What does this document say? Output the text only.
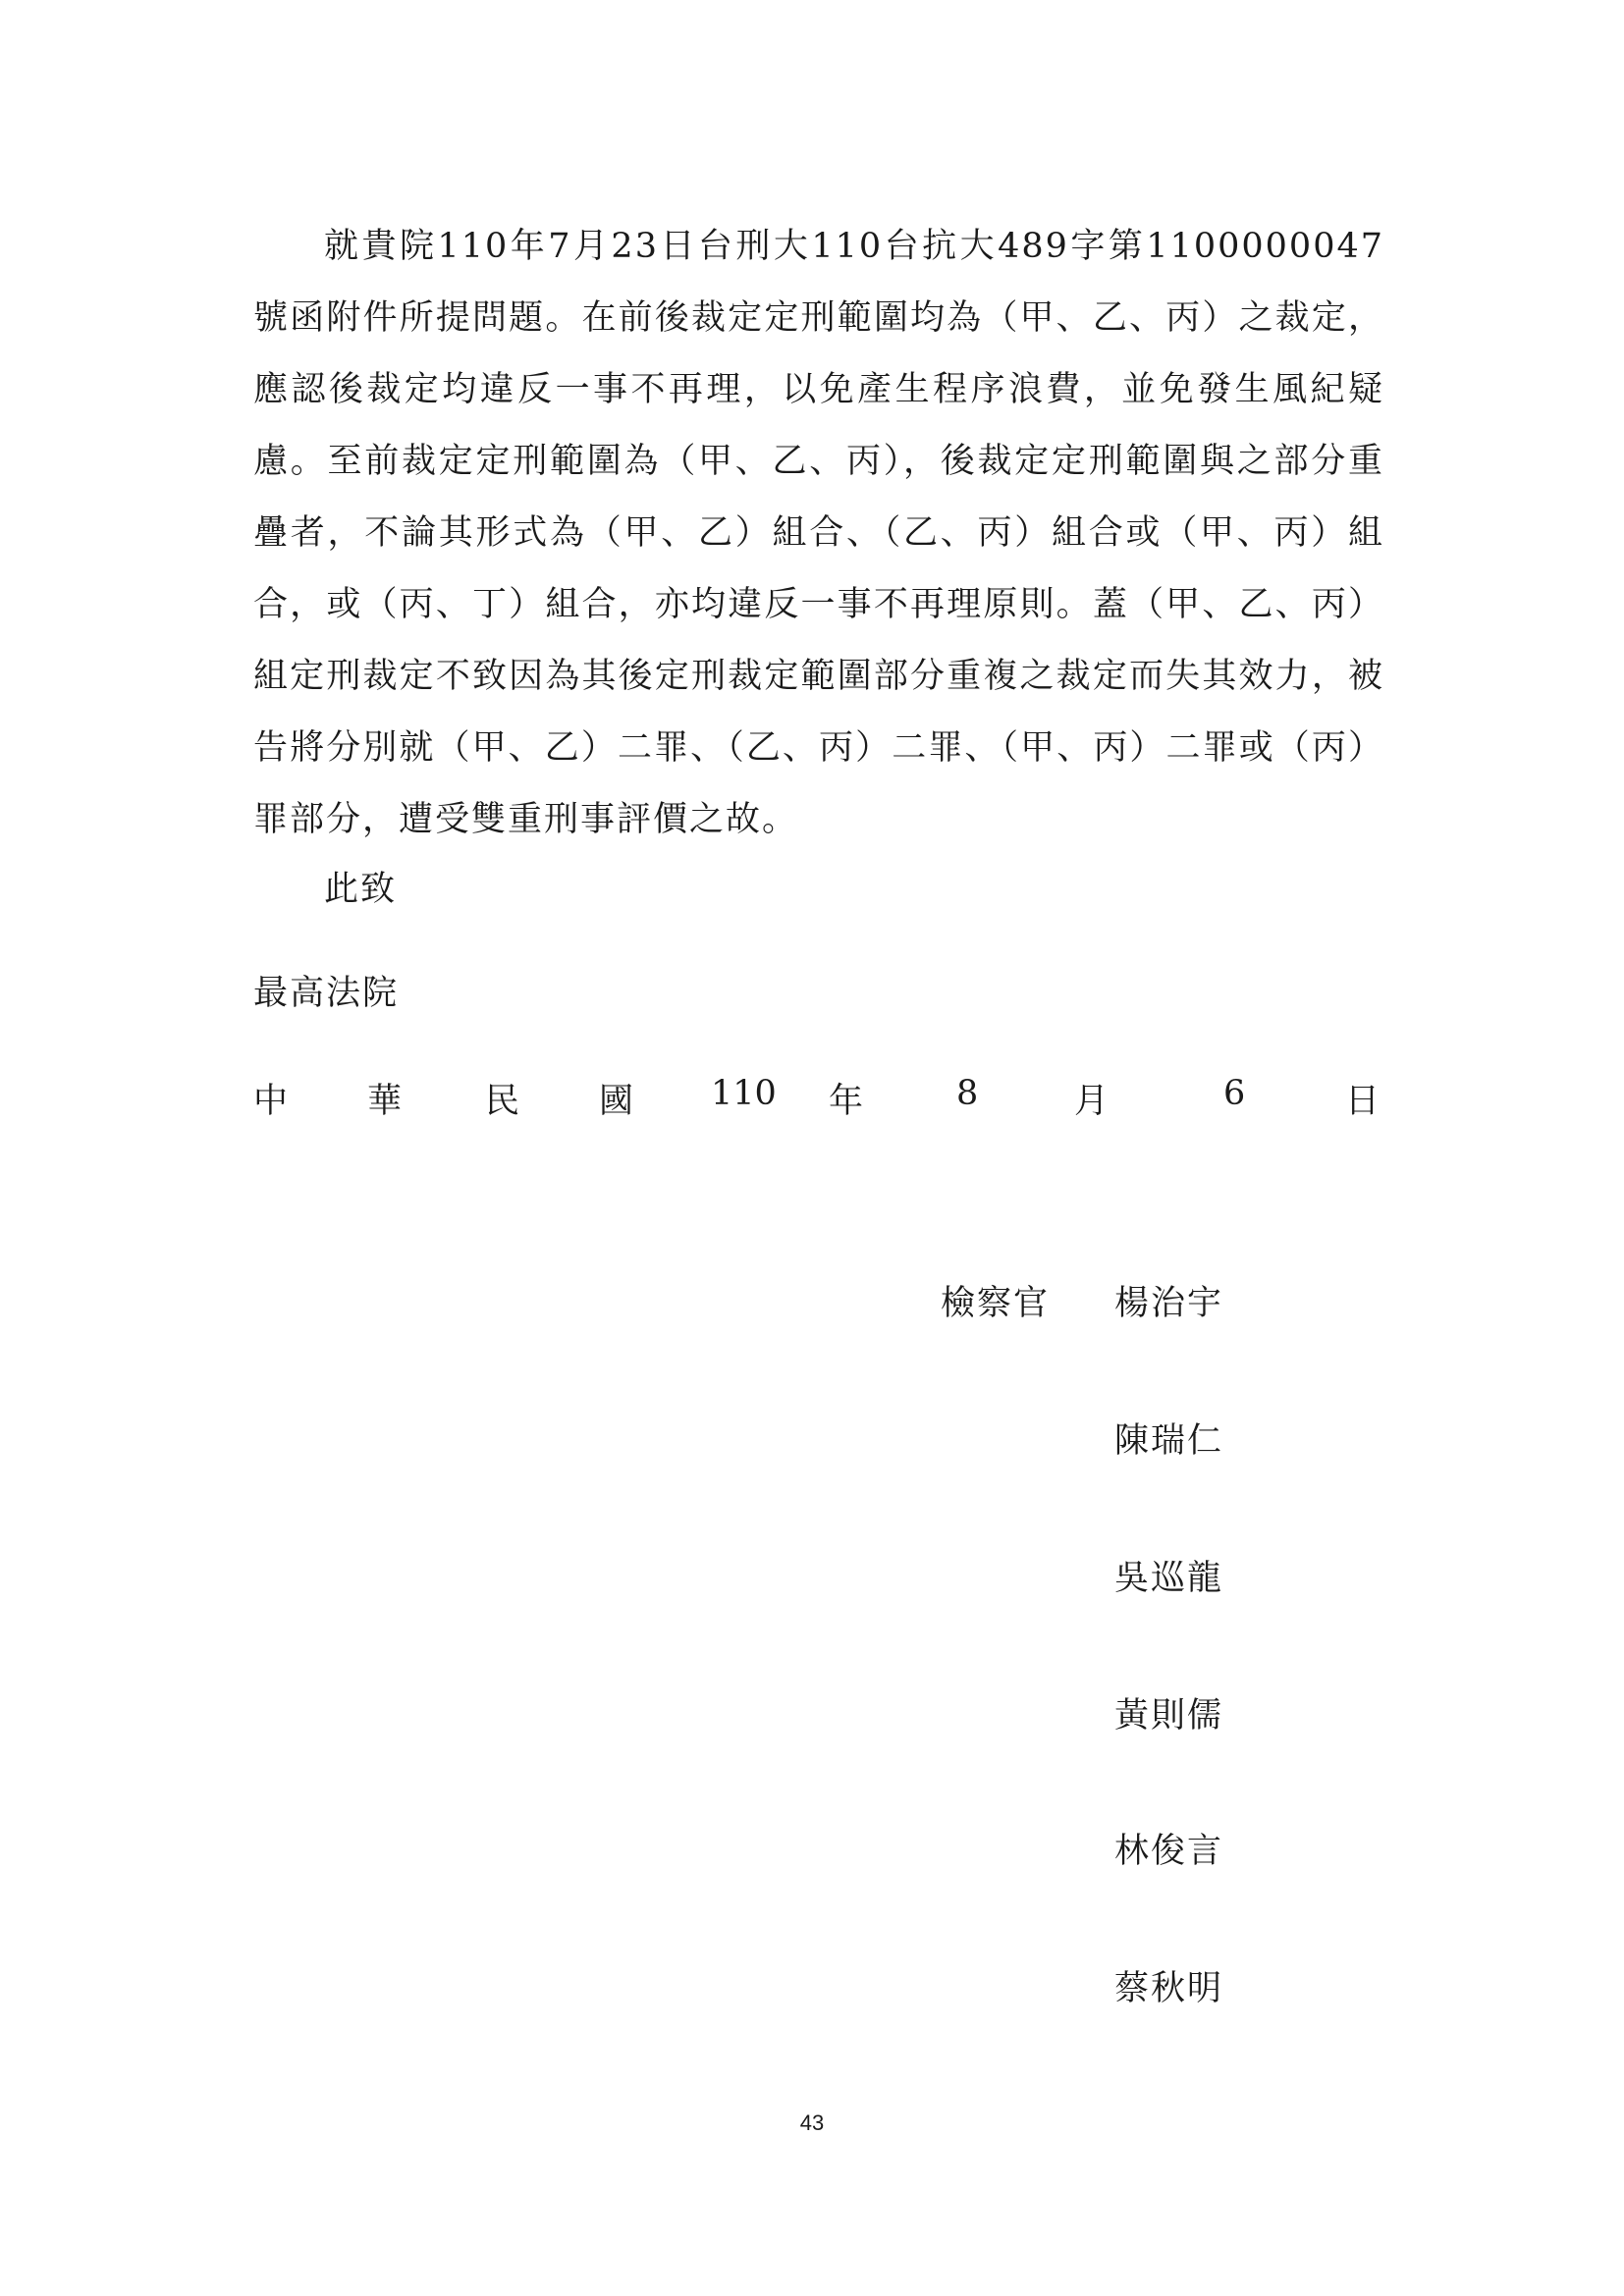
就貴院110年7月23日台刑大110台抗大489字第1100000047號函附件所提問題。在前後裁定定刑範圍均為（甲、乙、丙）之裁定，應認後裁定均違反一事不再理，以免產生程序浪費，並免發生風紀疑慮。至前裁定定刑範圍為（甲、乙、丙），後裁定定刑範圍與之部分重疊者，不論其形式為（甲、乙）組合、（乙、丙）組合或（甲、丙）組合，或（丙、丁）組合，亦均違反一事不再理原則。蓋（甲、乙、丙）組定刑裁定不致因為其後定刑裁定範圍部分重複之裁定而失其效力，被告將分別就（甲、乙）二罪、（乙、丙）二罪、（甲、丙）二罪或（丙）罪部分，遭受雙重刑事評價之故。

此致

最高法院

中 華 民 國 110 年	8	月	6	日

檢察官 楊治宇

陳瑞仁

吳巡龍

黃則儒

林俊言

蔡秋明

43
